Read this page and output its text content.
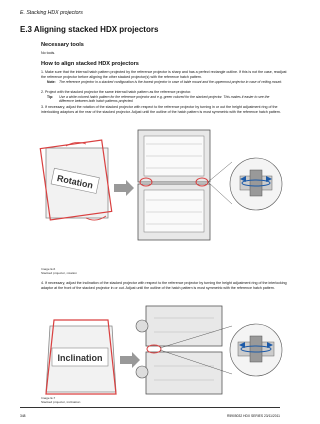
E. Stacking HDX projectors
E.3 Aligning stacked HDX projectors
Necessary tools
No tools.
How to align stacked HDX projectors
1. Make sure that the internal hatch pattern projected by the reference projector is sharp and has a perfect rectangle outline. If this is not the case, readjust the reference projector before aligning the other stacked projector(s) with the reference hatch pattern.
Note: The reference projector in a stacked configuration is the lowest projector in case of table mount and the uppermost projector in case of ceiling mount.
2. Project with the stacked projector the same internal hatch pattern as the reference projector.
Tip: Use a white colored hatch pattern for the reference projector and e.g. green colored for the stacked projector. This makes it easier to see the difference between both hatch patterns projected.
3. If necessary, adjust the rotation of the stacked projector with respect to the reference projector by turning in or out the height adjustment ring of the interlocking adaptors at the rear of the stacked projector. Adjust until the outline of the hatch pattern is most symmetric with the reference hatch pattern.
Rotation
Image E-6
Stacked projector, rotation
4. If necessary, adjust the inclination of the stacked projector with respect to the reference projector by turning the height adjustment ring of the interlocking adaptor at the front of the stacked projector in or out. Adjust until the outline of the hatch pattern is most symmetric with the reference hatch pattern.
Inclination
Image E-7
Stacked projector, inclination
348	R5905032 HDX SERIES 23/11/2011
